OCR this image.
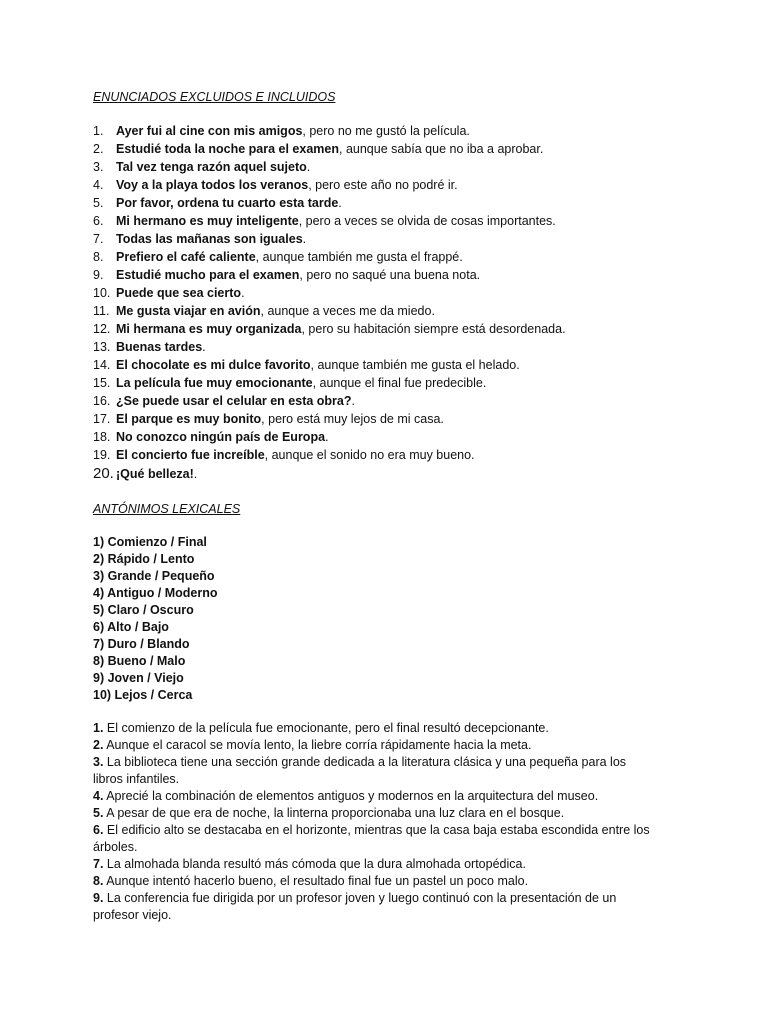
ENUNCIADOS EXCLUIDOS E INCLUIDOS
1.	Ayer fui al cine con mis amigos, pero no me gustó la película.
2.	Estudié toda la noche para el examen, aunque sabía que no iba a aprobar.
3.	Tal vez tenga razón aquel sujeto.
4.	Voy a la playa todos los veranos, pero este año no podré ir.
5.	Por favor, ordena tu cuarto esta tarde.
6.	Mi hermano es muy inteligente, pero a veces se olvida de cosas importantes.
7.	Todas las mañanas son iguales.
8.	Prefiero el café caliente, aunque también me gusta el frappé.
9.	Estudié mucho para el examen, pero no saqué una buena nota.
10. Puede que sea cierto.
11. Me gusta viajar en avión, aunque a veces me da miedo.
12. Mi hermana es muy organizada, pero su habitación siempre está desordenada.
13. Buenas tardes.
14. El chocolate es mi dulce favorito, aunque también me gusta el helado.
15. La película fue muy emocionante, aunque el final fue predecible.
16. ¿Se puede usar el celular en esta obra?.
17. El parque es muy bonito, pero está muy lejos de mi casa.
18. No conozco ningún país de Europa.
19. El concierto fue increíble, aunque el sonido no era muy bueno.
20. ¡Qué belleza!.
ANTÓNIMOS LEXICALES
1) Comienzo / Final
2) Rápido / Lento
3) Grande / Pequeño
4) Antiguo / Moderno
5) Claro / Oscuro
6) Alto / Bajo
7) Duro / Blando
8) Bueno / Malo
9) Joven / Viejo
10) Lejos / Cerca
1. El comienzo de la película fue emocionante, pero el final resultó decepcionante.
2. Aunque el caracol se movía lento, la liebre corría rápidamente hacia la meta.
3. La biblioteca tiene una sección grande dedicada a la literatura clásica y una pequeña para los libros infantiles.
4. Aprecié la combinación de elementos antiguos y modernos en la arquitectura del museo.
5. A pesar de que era de noche, la linterna proporcionaba una luz clara en el bosque.
6. El edificio alto se destacaba en el horizonte, mientras que la casa baja estaba escondida entre los árboles.
7. La almohada blanda resultó más cómoda que la dura almohada ortopédica.
8. Aunque intentó hacerlo bueno, el resultado final fue un pastel un poco malo.
9. La conferencia fue dirigida por un profesor joven y luego continuó con la presentación de un profesor viejo.
